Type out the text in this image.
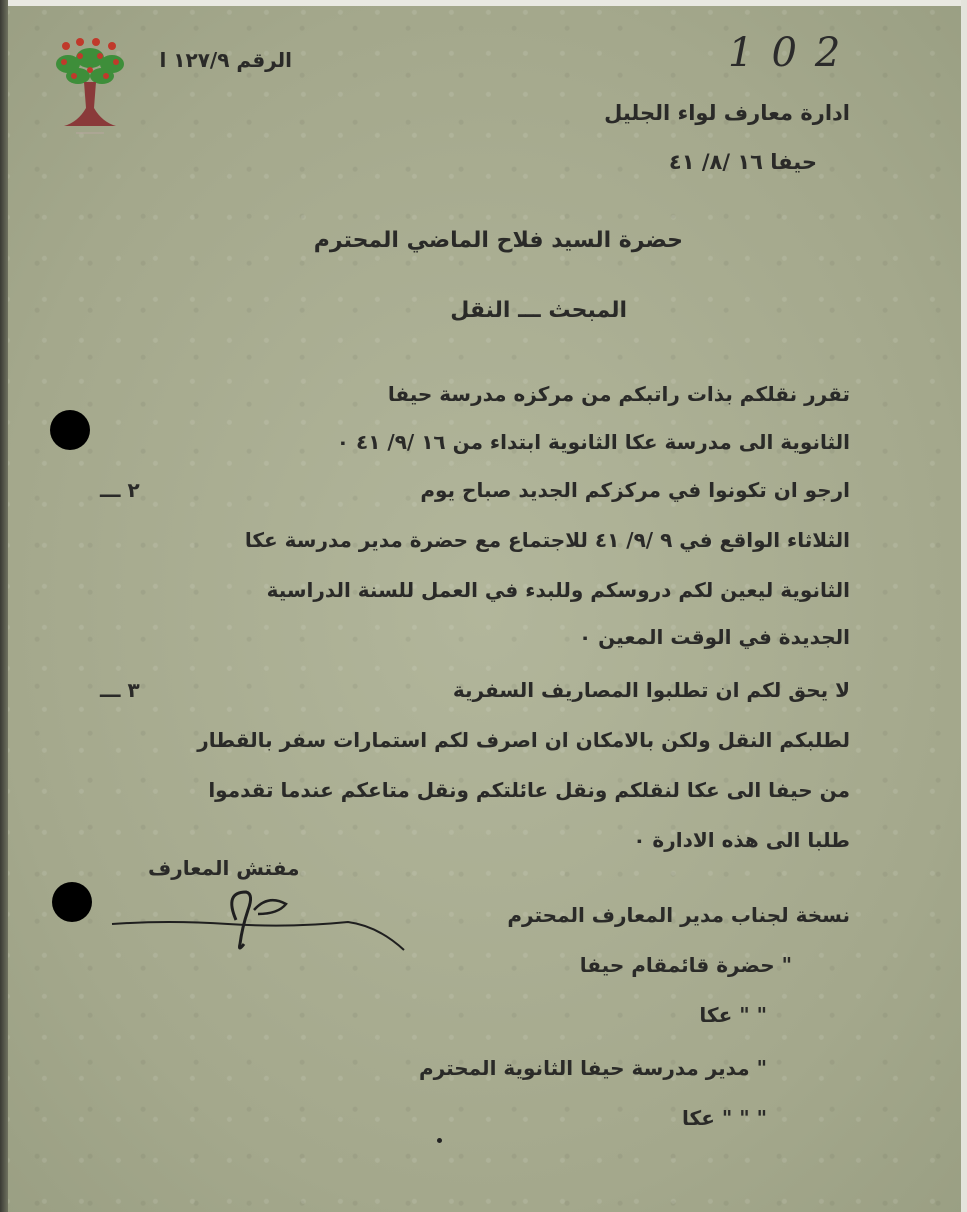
102
الرقم ١٢٧/٩ ا
ادارة معارف لواء الجليل
حيفا ١٦ /٨/ ٤١
حضرة السيد فلاح الماضي المحترم
المبحث ـــ النقل
تقرر نقلكم بذات راتبكم من مركزه مدرسة حيفا
الثانوية الى مدرسة عكا الثانوية ابتداء من ١٦ /٩/ ٤١ ٠
٢ ـــ	ارجو ان تكونوا في مركزكم الجديد صباح يوم
الثلاثاء الواقع في ٩ /٩/ ٤١ للاجتماع مع حضرة مدير مدرسة عكا
الثانوية ليعين لكم دروسكم وللبدء في العمل للسنة الدراسية
الجديدة في الوقت المعين ٠
٣ ـــ	لا يحق لكم ان تطلبوا المصاريف السفرية
لطلبكم النقل ولكن بالامكان ان اصرف لكم استمارات سفر بالقطار
من حيفا الى عكا لنقلكم ونقل عائلتكم ونقل متاعكم عندما تقدموا
طلبا الى هذه الادارة ٠
مفتش المعارف
نسخة لجناب مدير المعارف المحترم
" حضرة قائمقام حيفا
" " عكا
" مدير مدرسة حيفا الثانوية المحترم
" " " عكا
